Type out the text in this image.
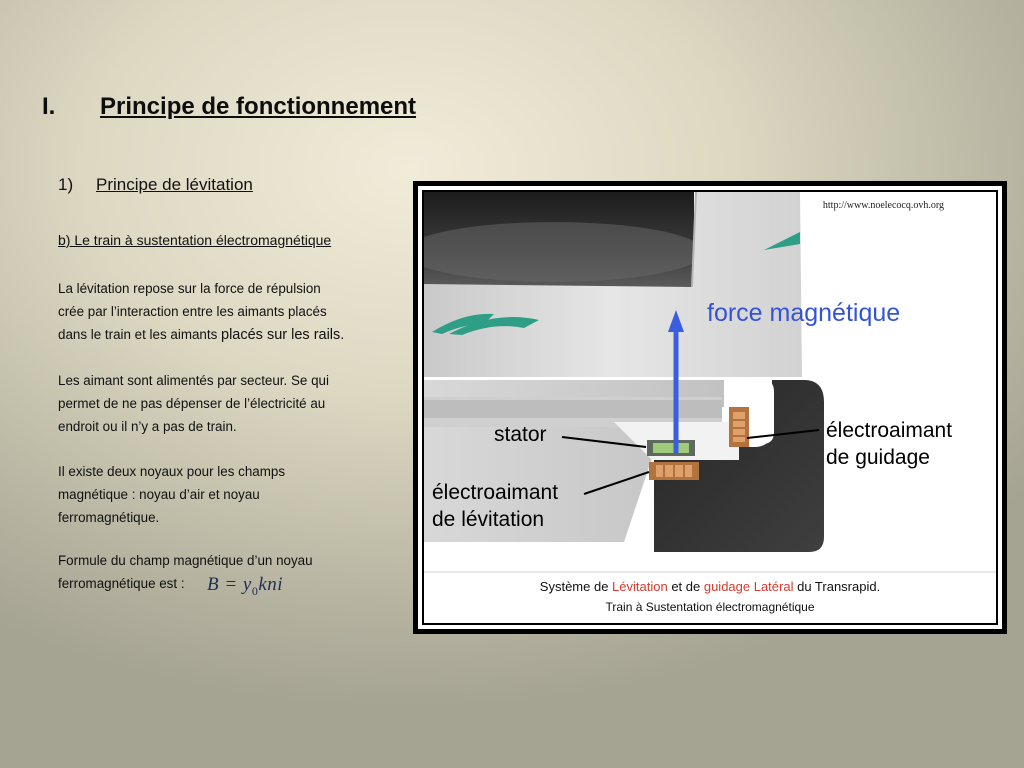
I. Principe de fonctionnement
1) Principe de lévitation
b) Le train à sustentation électromagnétique
La lévitation repose sur la force de répulsion
crée par l’interaction entre les aimants placés
dans le train et les aimants placés sur les rails.
Les aimant sont alimentés par secteur. Se qui
permet de ne pas dépenser de l’électricité au
endroit ou il n’y a pas de train.
Il existe deux noyaux pour les champs
magnétique : noyau d’air et noyau
ferromagnétique.
Formule du champ magnétique d’un noyau
ferromagnétique est :	$B = y_0kni$
http://www.noelecocq.ovh.org
force magnétique
stator
électroaimant
de lévitation
électroaimant
de guidage
Système de Lévitation et de guidage Latéral du Transrapid.
Train à Sustentation électromagnétique
